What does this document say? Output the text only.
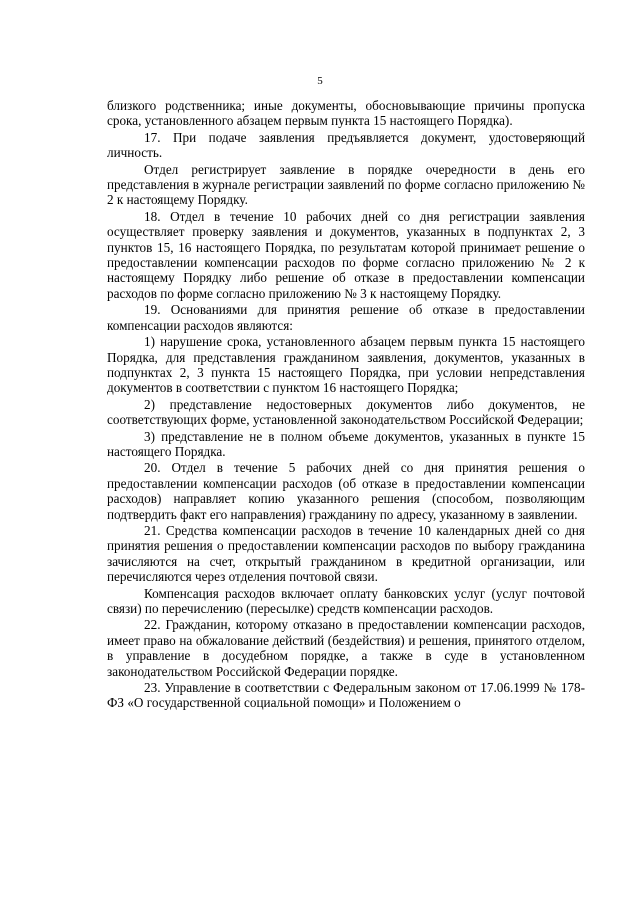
5

близкого родственника; иные документы, обосновывающие причины пропуска срока, установленного абзацем первым пункта 15 настоящего Порядка).

17. При подаче заявления предъявляется документ, удостоверяющий личность.

Отдел регистрирует заявление в порядке очередности в день его представления в журнале регистрации заявлений по форме согласно приложению № 2 к настоящему Порядку.

18. Отдел в течение 10 рабочих дней со дня регистрации заявления осуществляет проверку заявления и документов, указанных в подпунктах 2, 3 пунктов 15, 16 настоящего Порядка, по результатам которой принимает решение о предоставлении компенсации расходов по форме согласно приложению № 2 к настоящему Порядку либо решение об отказе в предоставлении компенсации расходов по форме согласно приложению № 3 к настоящему Порядку.

19. Основаниями для принятия решение об отказе в предоставлении компенсации расходов являются:

1) нарушение срока, установленного абзацем первым пункта 15 настоящего Порядка, для представления гражданином заявления, документов, указанных в подпунктах 2, 3 пункта 15 настоящего Порядка, при условии непредставления документов в соответствии с пунктом 16 настоящего Порядка;

2) представление недостоверных документов либо документов, не соответствующих форме, установленной законодательством Российской Федерации;

3) представление не в полном объеме документов, указанных в пункте 15 настоящего Порядка.

20. Отдел в течение 5 рабочих дней со дня принятия решения о предоставлении компенсации расходов (об отказе в предоставлении компенсации расходов) направляет копию указанного решения (способом, позволяющим подтвердить факт его направления) гражданину по адресу, указанному в заявлении.

21. Средства компенсации расходов в течение 10 календарных дней со дня принятия решения о предоставлении компенсации расходов по выбору гражданина зачисляются на счет, открытый гражданином в кредитной организации, или перечисляются через отделения почтовой связи.

Компенсация расходов включает оплату банковских услуг (услуг почтовой связи) по перечислению (пересылке) средств компенсации расходов.

22. Гражданин, которому отказано в предоставлении компенсации расходов, имеет право на обжалование действий (бездействия) и решения, принятого отделом, в управление в досудебном порядке, а также в суде в установленном законодательством Российской Федерации порядке.

23. Управление в соответствии с Федеральным законом от 17.06.1999 № 178-ФЗ «О государственной социальной помощи» и Положением о
